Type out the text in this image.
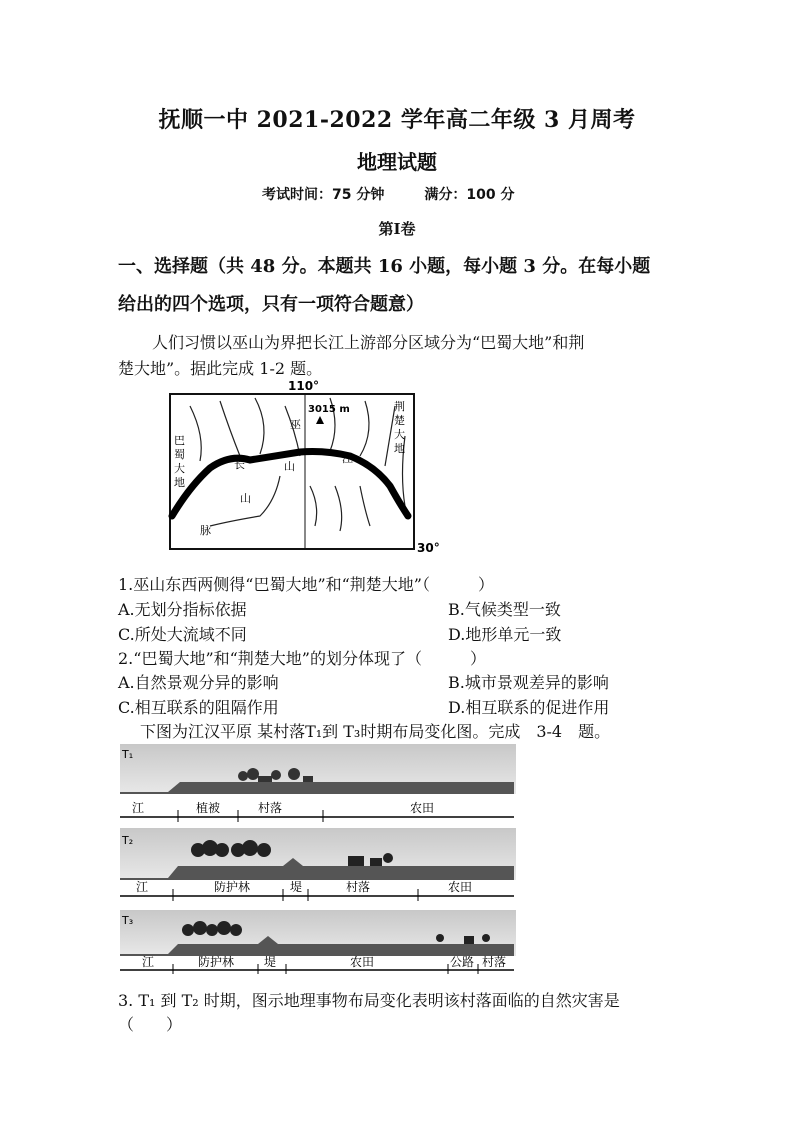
抚顺一中 2021-2022 学年高二年级 3 月周考
地理试题
考试时间：75 分钟	满分：100 分
第Ⅰ卷
一、选择题（共 48 分。本题共 16 小题，每小题 3 分。在每小题
给出的四个选项，只有一项符合题意）
人们习惯以巫山为界把长江上游部分区域分为“巴蜀大地”和荆
楚大地”。据此完成 1-2 题。
110°
30°
3015 m
巴
蜀
大
地
荆
楚
大
地
长	江
巫
山
山
脉
1.巫山东西两侧得“巴蜀大地”和“荆楚大地”（　　　）
A.无划分指标依据	B.气候类型一致
C.所处大流域不同	D.地形单元一致
2.“巴蜀大地”和“荆楚大地”的划分体现了（　　　）
A.自然景观分异的影响	B.城市景观差异的影响
C.相互联系的阻隔作用	D.相互联系的促进作用
下图为江汉平原 某村落T₁到 T₃时期布局变化图。完成　3-4　题。
T₁
江	植被	村落	农田
T₂
江	防护林	堤	村落	农田
T₃
江	防护林 堤	农田	公路 村落
3. T₁ 到 T₂ 时期，图示地理事物布局变化表明该村落面临的自然灾害是
（　　）
